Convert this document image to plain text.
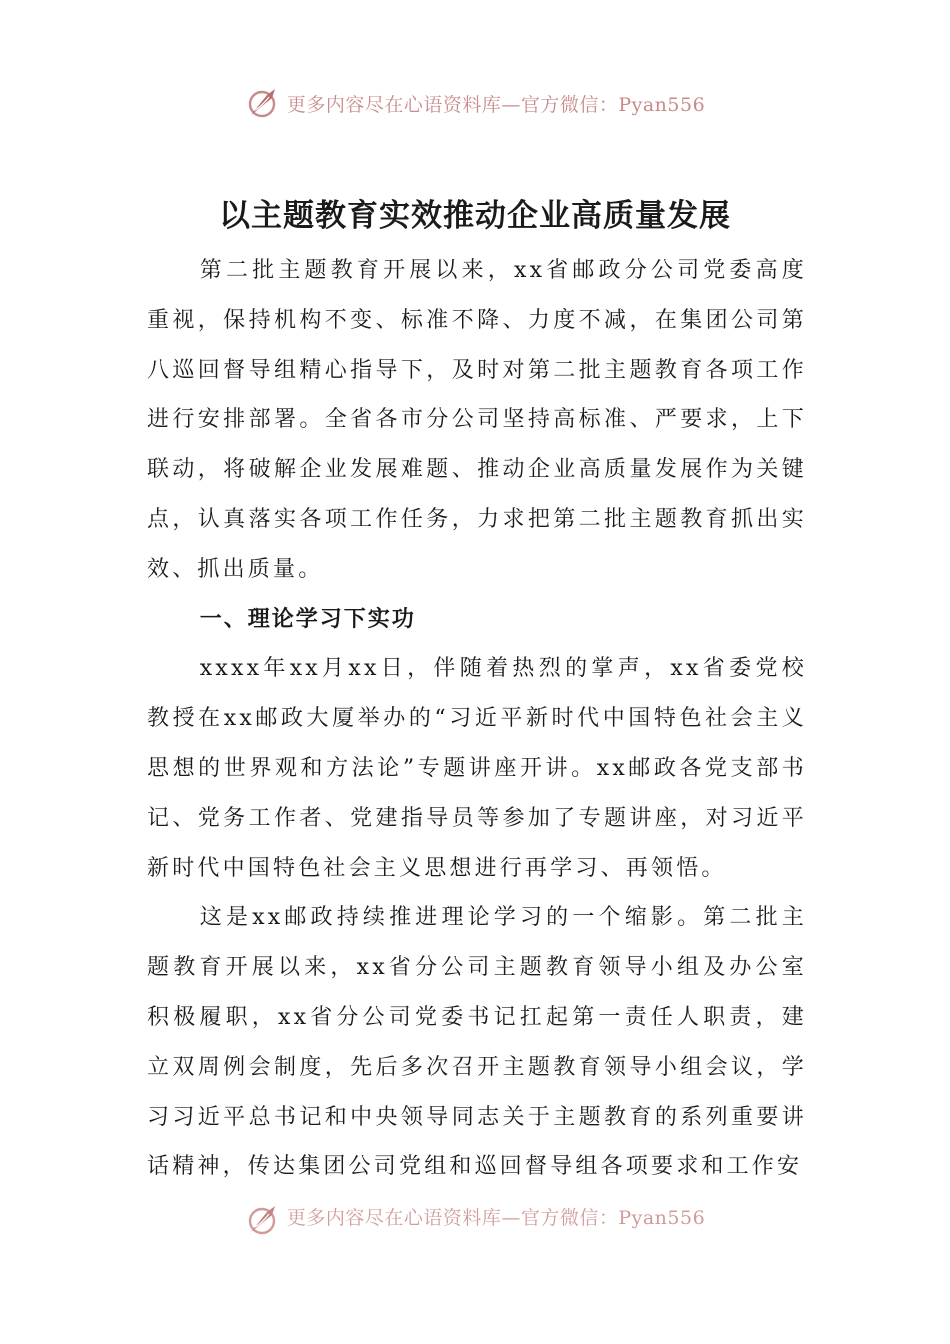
更多内容尽在心语资料库—官方微信：Pyan556
以主题教育实效推动企业高质量发展

第二批主题教育开展以来，xx省邮政分公司党委高度重视，保持机构不变、标准不降、力度不减，在集团公司第八巡回督导组精心指导下，及时对第二批主题教育各项工作进行安排部署。全省各市分公司坚持高标准、严要求，上下联动，将破解企业发展难题、推动企业高质量发展作为关键点，认真落实各项工作任务，力求把第二批主题教育抓出实效、抓出质量。

一、理论学习下实功

xxxx年xx月xx日，伴随着热烈的掌声，xx省委党校教授在xx邮政大厦举办的“习近平新时代中国特色社会主义思想的世界观和方法论”专题讲座开讲。xx邮政各党支部书记、党务工作者、党建指导员等参加了专题讲座，对习近平新时代中国特色社会主义思想进行再学习、再领悟。

这是xx邮政持续推进理论学习的一个缩影。第二批主题教育开展以来，xx省分公司主题教育领导小组及办公室积极履职，xx省分公司党委书记扛起第一责任人职责，建立双周例会制度，先后多次召开主题教育领导小组会议，学习习近平总书记和中央领导同志关于主题教育的系列重要讲话精神，传达集团公司党组和巡回督导组各项要求和工作安

更多内容尽在心语资料库—官方微信：Pyan556
